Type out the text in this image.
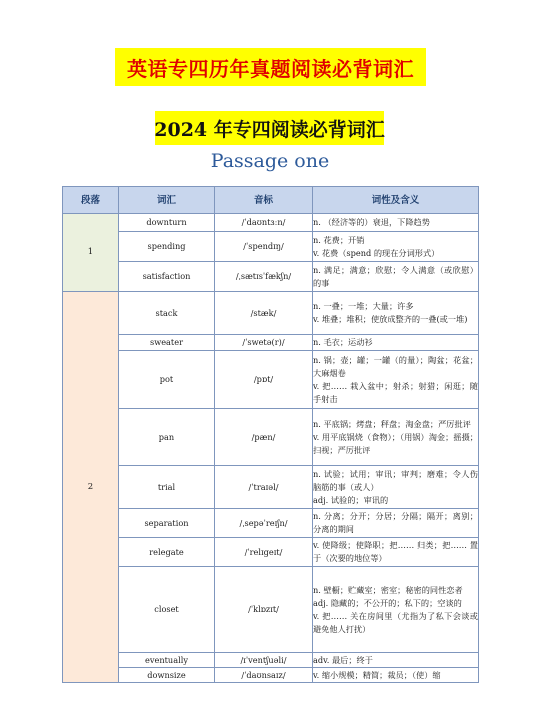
英语专四历年真题阅读必背词汇
2024 年专四阅读必背词汇
Passage one
段落	词汇	音标	词性及含义
1	downturn	/ˈdaʊntɜːn/	n. （经济等的）衰退，下降趋势

	spending	/ˈspendɪŋ/	n. 花费；开销
v. 花费（spend 的现在分词形式）

	satisfaction	/ˌsætɪsˈfækʃn/	n. 满足；满意；欣慰；令人满意（或欣慰）的事

2	stack	/stæk/	n. 一叠；一堆；大量；许多
v. 堆叠；堆积；使放成整齐的一叠(或一堆)

	sweater	/ˈswetə(r)/	n. 毛衣；运动衫

	pot	/pɒt/	n. 锅；壶；罐；一罐（的量）；陶盆；花盆；大麻烟卷
v. 把…… 栽入盆中；射杀；射猎；闲逛；随手射击

	pan	/pæn/	n. 平底锅；烤盘；秤盘；淘金盘；严厉批评
v. 用平底锅烧（食物）；（用锅）淘金；摇摄；扫视；严厉批评

	trial	/ˈtraɪəl/	n. 试验；试用；审讯；审判；磨难；令人伤脑筋的事（或人）
adj. 试验的；审讯的

	separation	/ˌsepəˈreɪʃn/	n. 分离；分开；分居；分隔；隔开；离别；分离的期间

	relegate	/ˈrelɪgeɪt/	v. 使降级；使降职；把…… 归类；把…… 置于（次要的地位等）

	closet	/ˈklɒzɪt/	n. 壁橱；贮藏室；密室；秘密的同性恋者
adj. 隐藏的；不公开的；私下的；空谈的
v. 把…… 关在房间里（尤指为了私下会谈或避免他人打扰）

	eventually	/ɪˈventʃuəli/	adv. 最后；终于

	downsize	/ˈdaʊnsaɪz/	v. 缩小规模；精简；裁员；（使）缩
